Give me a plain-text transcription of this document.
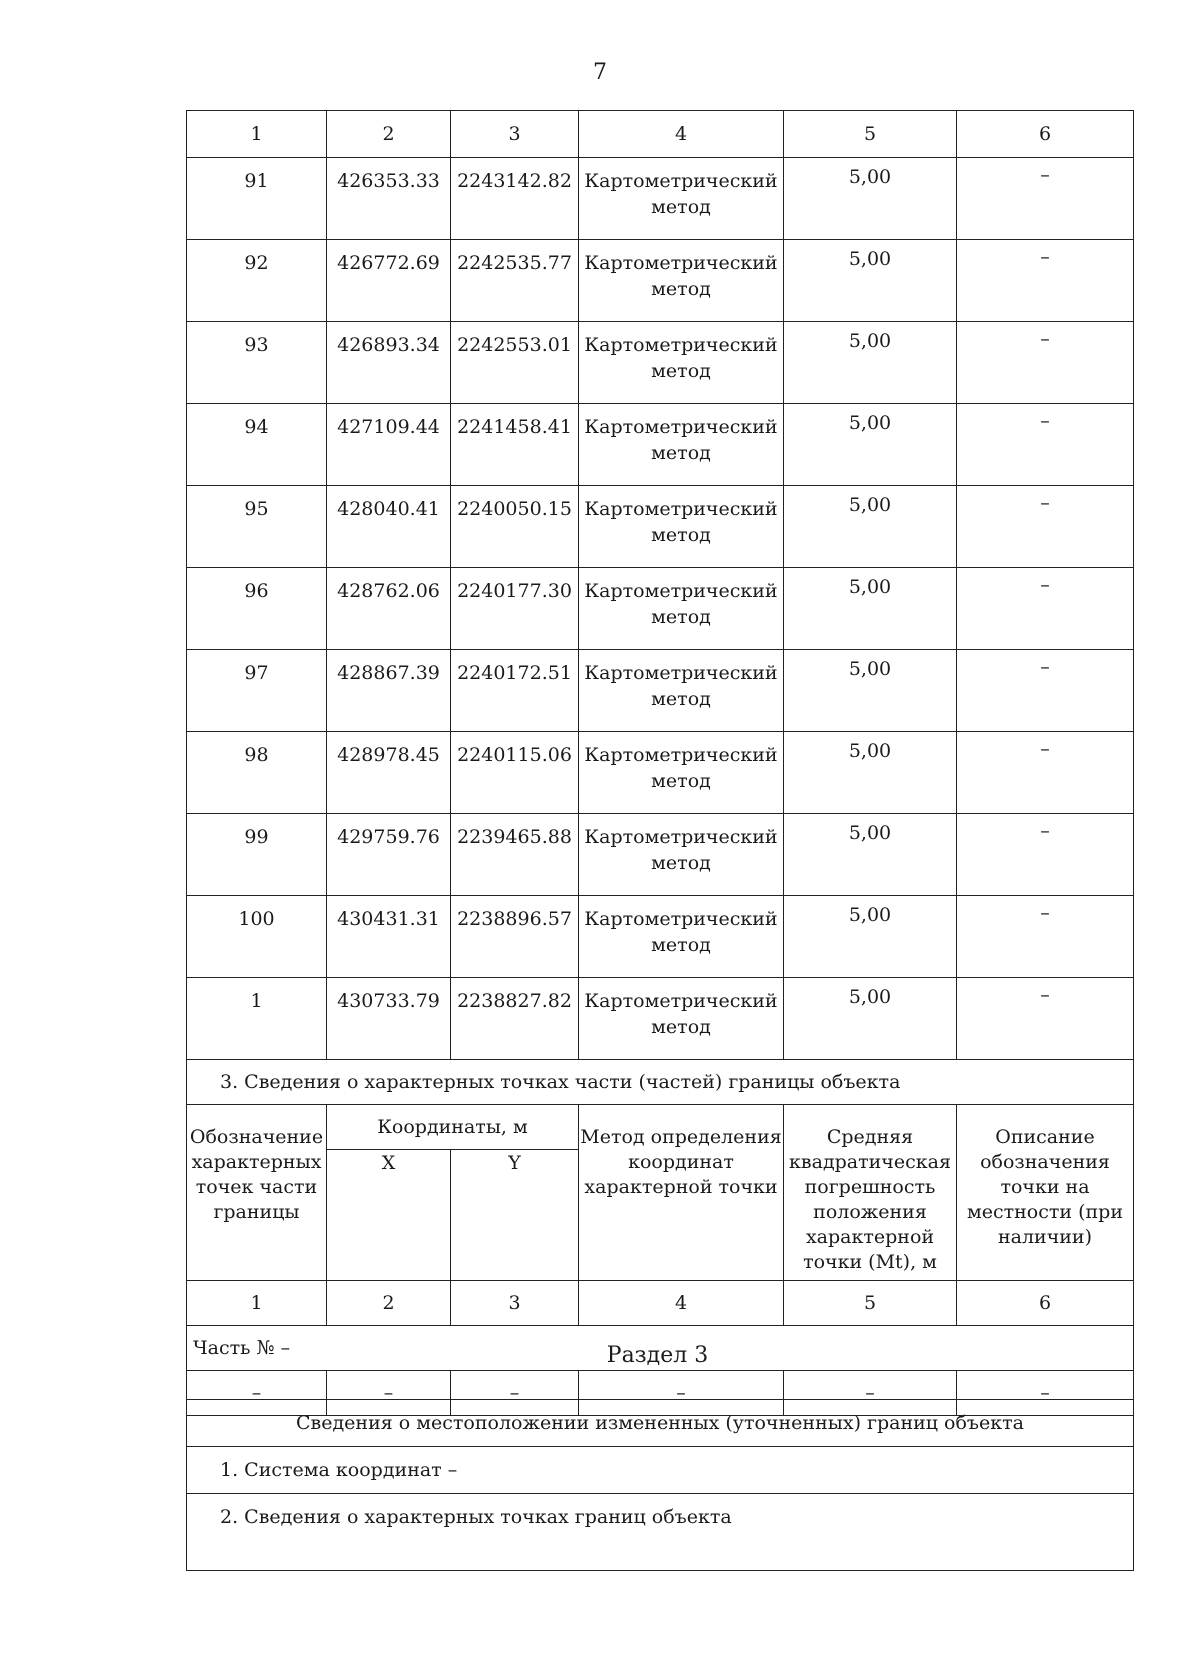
7
1	2	3	4	5	6
91	426353.33	2243142.82	Картометрический метод	5,00	–
92	426772.69	2242535.77	Картометрический метод	5,00	–
93	426893.34	2242553.01	Картометрический метод	5,00	–
94	427109.44	2241458.41	Картометрический метод	5,00	–
95	428040.41	2240050.15	Картометрический метод	5,00	–
96	428762.06	2240177.30	Картометрический метод	5,00	–
97	428867.39	2240172.51	Картометрический метод	5,00	–
98	428978.45	2240115.06	Картометрический метод	5,00	–
99	429759.76	2239465.88	Картометрический метод	5,00	–
100	430431.31	2238896.57	Картометрический метод	5,00	–
1	430733.79	2238827.82	Картометрический метод	5,00	–
3. Сведения о характерных точках части (частей) границы объекта					
Обозначение характерных точек части границы	Координаты, м		Метод определения координат характерной точки	Средняя квадратическая погрешность положения характерной точки (Mt), м	Описание обозначения точки на местности (при наличии)
	X	Y			
1	2	3	4	5	6
Часть № –					
–	–	–	–	–	–
Раздел 3
Сведения о местоположении измененных (уточненных) границ объекта
1. Система координат –
2. Сведения о характерных точках границ объекта
